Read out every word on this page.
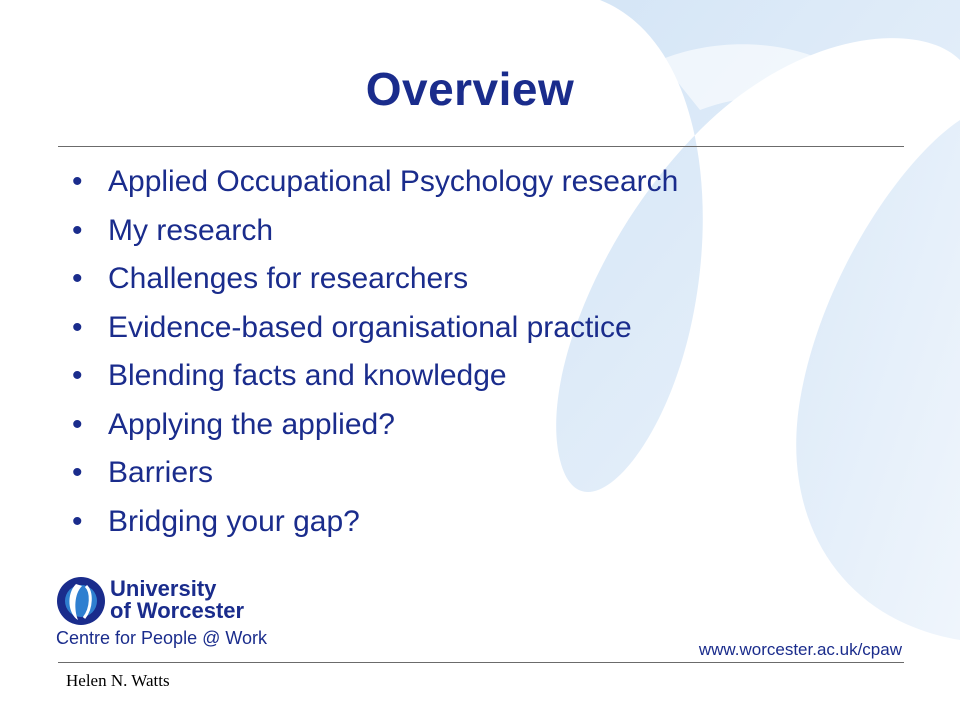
Overview
• Applied Occupational Psychology research
• My research
• Challenges for researchers
• Evidence-based organisational practice
• Blending facts and knowledge
• Applying the applied?
• Barriers
• Bridging your gap?
University
of Worcester
Centre for People @ Work
www.worcester.ac.uk/cpaw
Helen N. Watts
